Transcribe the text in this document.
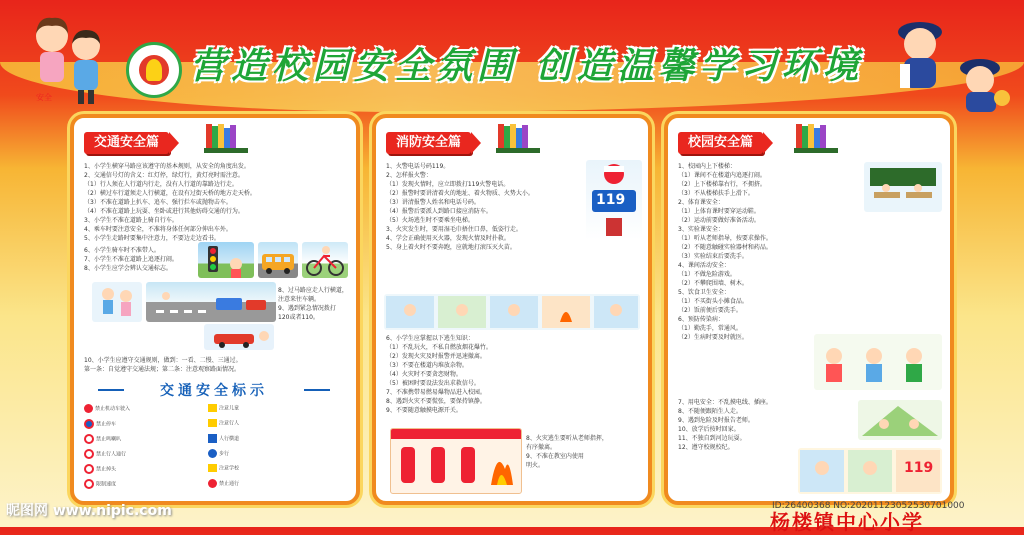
安全
营造校园安全氛围 创造温馨学习环境
交通安全篇
1、小学生横穿马路应该遵守的基本规则，从安全的角度出发。
2、交通信号灯的含义：红灯停，绿灯行，黄灯亮时需注意。
（1）行人须在人行道内行走，没有人行道的靠路边行走。
（2）横过车行道须走人行横道，在设有过街天桥的地方走天桥。
（3）不准在道路上扒车、追车、强行拦车或抛物击车。
（4）不准在道路上玩耍、坐卧或进行其他妨碍交通的行为。
3、小学生不准在道路上骑自行车。
4、乘车时要注意安全，不准将身体任何部分伸出车外。
5、小学生走路时要集中注意力，不要边走边看书。
6、小学生骑车时不准带人。
7、小学生不准在道路上追逐打闹。
8、小学生应学会辨认交通标志。
8、过马路应走人行横道，
注意来往车辆。
9、遇到紧急情况拨打
120或者110。
10、小学生应遵守交通规则，做到：一看、二慢、三通过。
第一条：自觉遵守交通法规；第二条：注意观察路面情况。
交通安全标示
禁止机动车驶入
禁止停车
禁止鸣喇叭
禁止行人通行
禁止掉头
限制速度
注意儿童
注意行人
人行横道
步行
注意学校
禁止通行
消防安全篇
1、火警电话号码119。
2、怎样报火警：
（1）发现火情时，应立即拨打119火警电话。
（2）报警时要讲清着火的地址、着火物质、火势大小。
（3）讲清报警人姓名和电话号码。
（4）报警后要派人到路口接应消防车。
（5）火场逃生时不要乘坐电梯。
3、火灾发生时，要用湿毛巾捂住口鼻，低姿行走。
4、学会正确使用灭火器，发现火情及时扑救。
5、身上着火时不要奔跑，应就地打滚压灭火苗。
119
6、小学生应掌握以下逃生知识：
（1）不乱玩火，不私自燃放烟花爆竹。
（2）发现火灾及时报警并迅速撤离。
（3）不要在楼道内堆放杂物。
（4）火灾时不要贪恋财物。
（5）被困时要设法发出求救信号。
7、不准携带易燃易爆物品进入校园。
8、遇到火灾不要慌张，要保持镇静。
9、不要随意触摸电源开关。
8、火灾逃生要听从老师指挥，
有序撤离。
9、不准在教室内使用
明火。
校园安全篇
1、校园内上下楼梯：
（1）课间不在楼道内追逐打闹。
（2）上下楼梯靠右行，不拥挤。
（3）不从楼梯扶手上滑下。
2、体育课安全：
（1）上体育课时要穿运动鞋。
（2）运动前要做好准备活动。
3、实验课安全：
（1）听从老师指导，按要求操作。
（2）不随意触碰实验器材和药品。
（3）实验结束后要洗手。
4、课间活动安全：
（1）不做危险游戏。
（2）不攀爬围墙、树木。
5、饮食卫生安全：
（1）不买街头小摊食品。
（2）饭前便后要洗手。
6、预防传染病：
（1）勤洗手，常通风。
（2）生病时要及时就医。
7、用电安全：不乱摸电线、插座。
8、不随便跟陌生人走。
9、遇到危险及时报告老师。
10、放学后按时回家。
11、不独自到河边玩耍。
12、遵守校规校纪。
119
昵图网 www.nipic.com	ID:26400368 NO:20201123052530701000
杨楼镇中心小学
